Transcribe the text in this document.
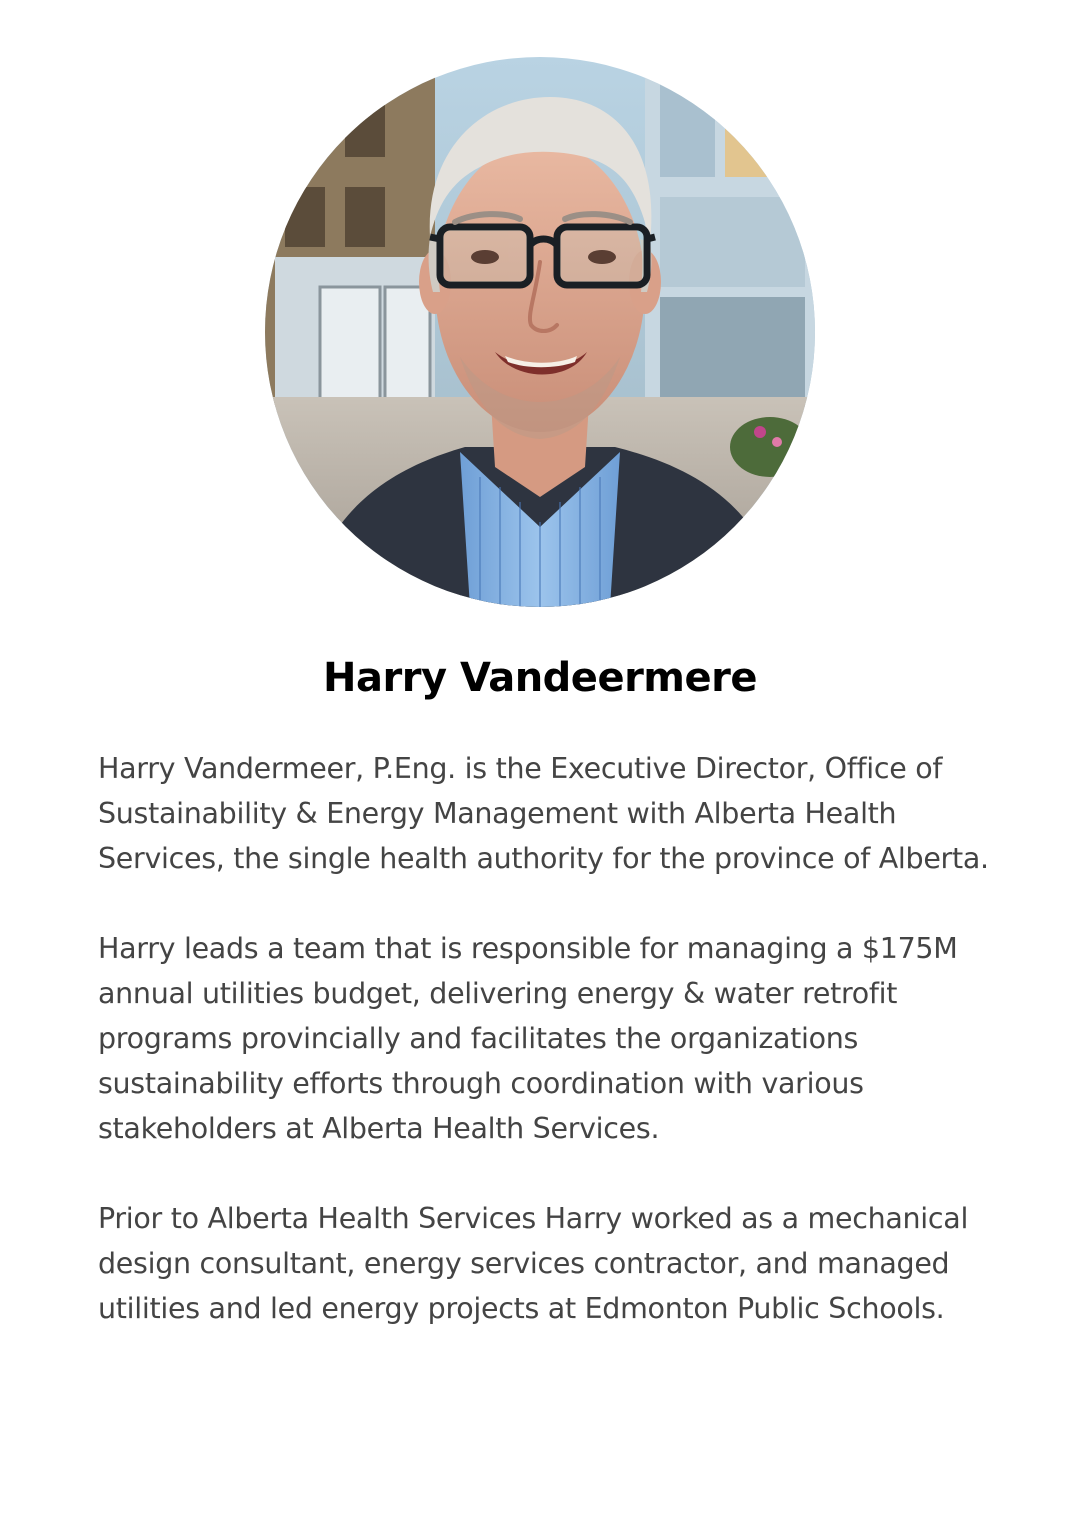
Harry Vandeermere

Harry Vandermeer, P.Eng. is the Executive Director, Office of Sustainability & Energy Management with Alberta Health Services, the single health authority for the province of Alberta.

Harry leads a team that is responsible for managing a $175M annual utilities budget, delivering energy & water retrofit programs provincially and facilitates the organizations sustainability efforts through coordination with various stakeholders at Alberta Health Services.

Prior to Alberta Health Services Harry worked as a mechanical design consultant, energy services contractor, and managed utilities and led energy projects at Edmonton Public Schools.
